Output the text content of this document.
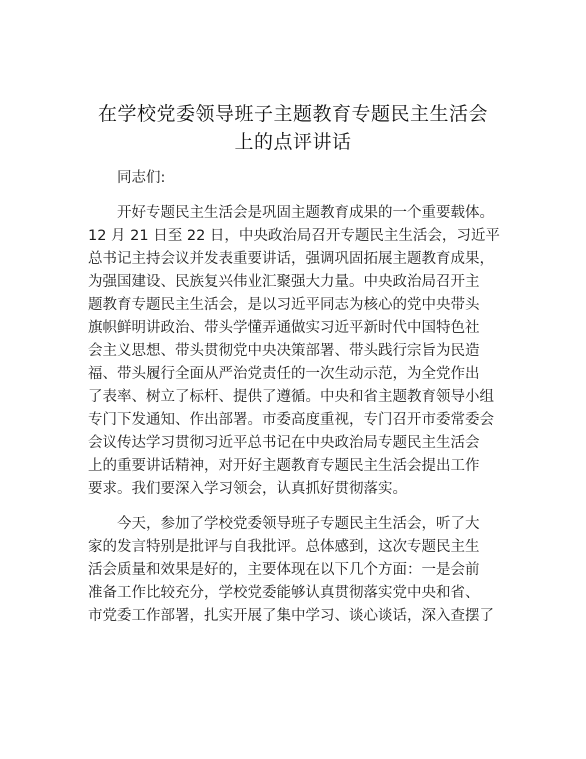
在学校党委领导班子主题教育专题民主生活会
上的点评讲话
同志们:
开好专题民主生活会是巩固主题教育成果的一个重要载体。
12 月 21 日至 22 日，中央政治局召开专题民主生活会，习近平
总书记主持会议并发表重要讲话，强调巩固拓展主题教育成果，
为强国建设、民族复兴伟业汇聚强大力量。中央政治局召开主
题教育专题民主生活会，是以习近平同志为核心的党中央带头
旗帜鲜明讲政治、带头学懂弄通做实习近平新时代中国特色社
会主义思想、带头贯彻党中央决策部署、带头践行宗旨为民造
福、带头履行全面从严治党责任的一次生动示范，为全党作出
了表率、树立了标杆、提供了遵循。中央和省主题教育领导小组
专门下发通知、作出部署。市委高度重视，专门召开市委常委会
会议传达学习贯彻习近平总书记在中央政治局专题民主生活会
上的重要讲话精神，对开好主题教育专题民主生活会提出工作
要求。我们要深入学习领会，认真抓好贯彻落实。
今天，参加了学校党委领导班子专题民主生活会，听了大
家的发言特别是批评与自我批评。总体感到，这次专题民主生
活会质量和效果是好的，主要体现在以下几个方面：一是会前
准备工作比较充分，学校党委能够认真贯彻落实党中央和省、
市党委工作部署，扎实开展了集中学习、谈心谈话，深入查摆了
